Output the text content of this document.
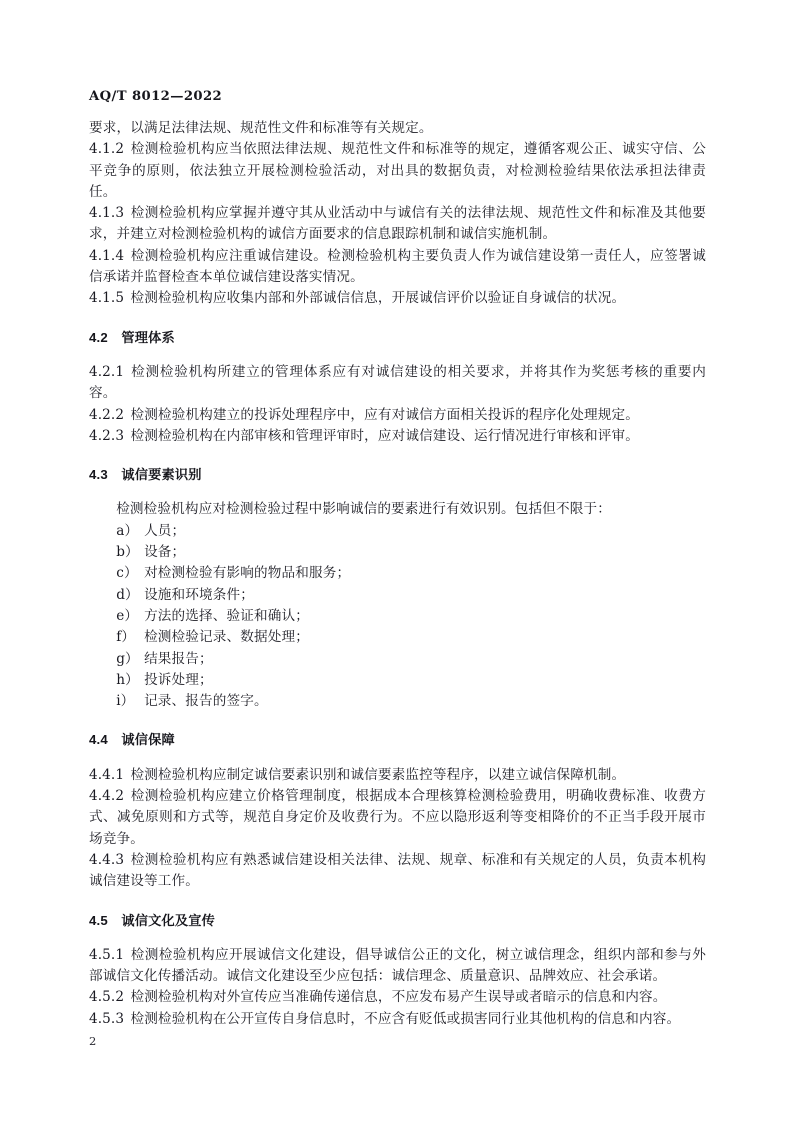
AQ/T 8012—2022

要求，以满足法律法规、规范性文件和标准等有关规定。

4.1.2 检测检验机构应当依照法律法规、规范性文件和标准等的规定，遵循客观公正、诚实守信、公平竞争的原则，依法独立开展检测检验活动，对出具的数据负责，对检测检验结果依法承担法律责任。

4.1.3 检测检验机构应掌握并遵守其从业活动中与诚信有关的法律法规、规范性文件和标准及其他要求，并建立对检测检验机构的诚信方面要求的信息跟踪机制和诚信实施机制。

4.1.4 检测检验机构应注重诚信建设。检测检验机构主要负责人作为诚信建设第一责任人，应签署诚信承诺并监督检查本单位诚信建设落实情况。

4.1.5 检测检验机构应收集内部和外部诚信信息，开展诚信评价以验证自身诚信的状况。

4.2 管理体系

4.2.1 检测检验机构所建立的管理体系应有对诚信建设的相关要求，并将其作为奖惩考核的重要内容。

4.2.2 检测检验机构建立的投诉处理程序中，应有对诚信方面相关投诉的程序化处理规定。

4.2.3 检测检验机构在内部审核和管理评审时，应对诚信建设、运行情况进行审核和评审。

4.3 诚信要素识别

检测检验机构应对检测检验过程中影响诚信的要素进行有效识别。包括但不限于：

a） 人员；
b） 设备；
c） 对检测检验有影响的物品和服务；
d） 设施和环境条件；
e） 方法的选择、验证和确认；
f） 检测检验记录、数据处理；
g） 结果报告；
h） 投诉处理；
i） 记录、报告的签字。
4.4 诚信保障

4.4.1 检测检验机构应制定诚信要素识别和诚信要素监控等程序，以建立诚信保障机制。

4.4.2 检测检验机构应建立价格管理制度，根据成本合理核算检测检验费用，明确收费标准、收费方式、减免原则和方式等，规范自身定价及收费行为。不应以隐形返利等变相降价的不正当手段开展市场竞争。

4.4.3 检测检验机构应有熟悉诚信建设相关法律、法规、规章、标准和有关规定的人员，负责本机构诚信建设等工作。

4.5 诚信文化及宣传

4.5.1 检测检验机构应开展诚信文化建设，倡导诚信公正的文化，树立诚信理念，组织内部和参与外部诚信文化传播活动。诚信文化建设至少应包括：诚信理念、质量意识、品牌效应、社会承诺。

4.5.2 检测检验机构对外宣传应当准确传递信息，不应发布易产生误导或者暗示的信息和内容。

4.5.3 检测检验机构在公开宣传自身信息时，不应含有贬低或损害同行业其他机构的信息和内容。

2
